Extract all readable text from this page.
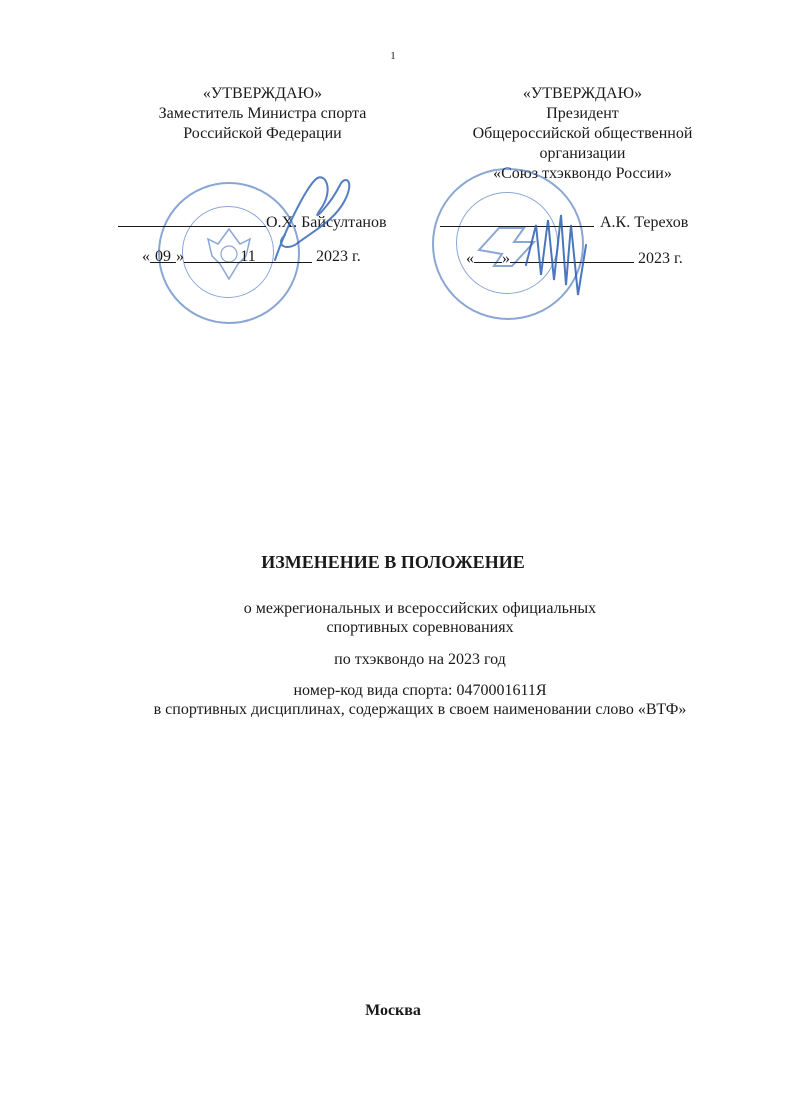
1
«УТВЕРЖДАЮ»
Заместитель Министра спорта
Российской Федерации
«УТВЕРЖДАЮ»
Президент
Общероссийской общественной
организации
«Союз тхэквондо России»
О.Х. Байсултанов
« 09 »	11	2023 г.
А.К. Терехов
« »	2023 г.
ИЗМЕНЕНИЕ В ПОЛОЖЕНИЕ
о межрегиональных и всероссийских официальных
спортивных соревнованиях
по тхэквондо на 2023 год
номер-код вида спорта: 0470001611Я
в спортивных дисциплинах, содержащих в своем наименовании слово «ВТФ»
Москва
